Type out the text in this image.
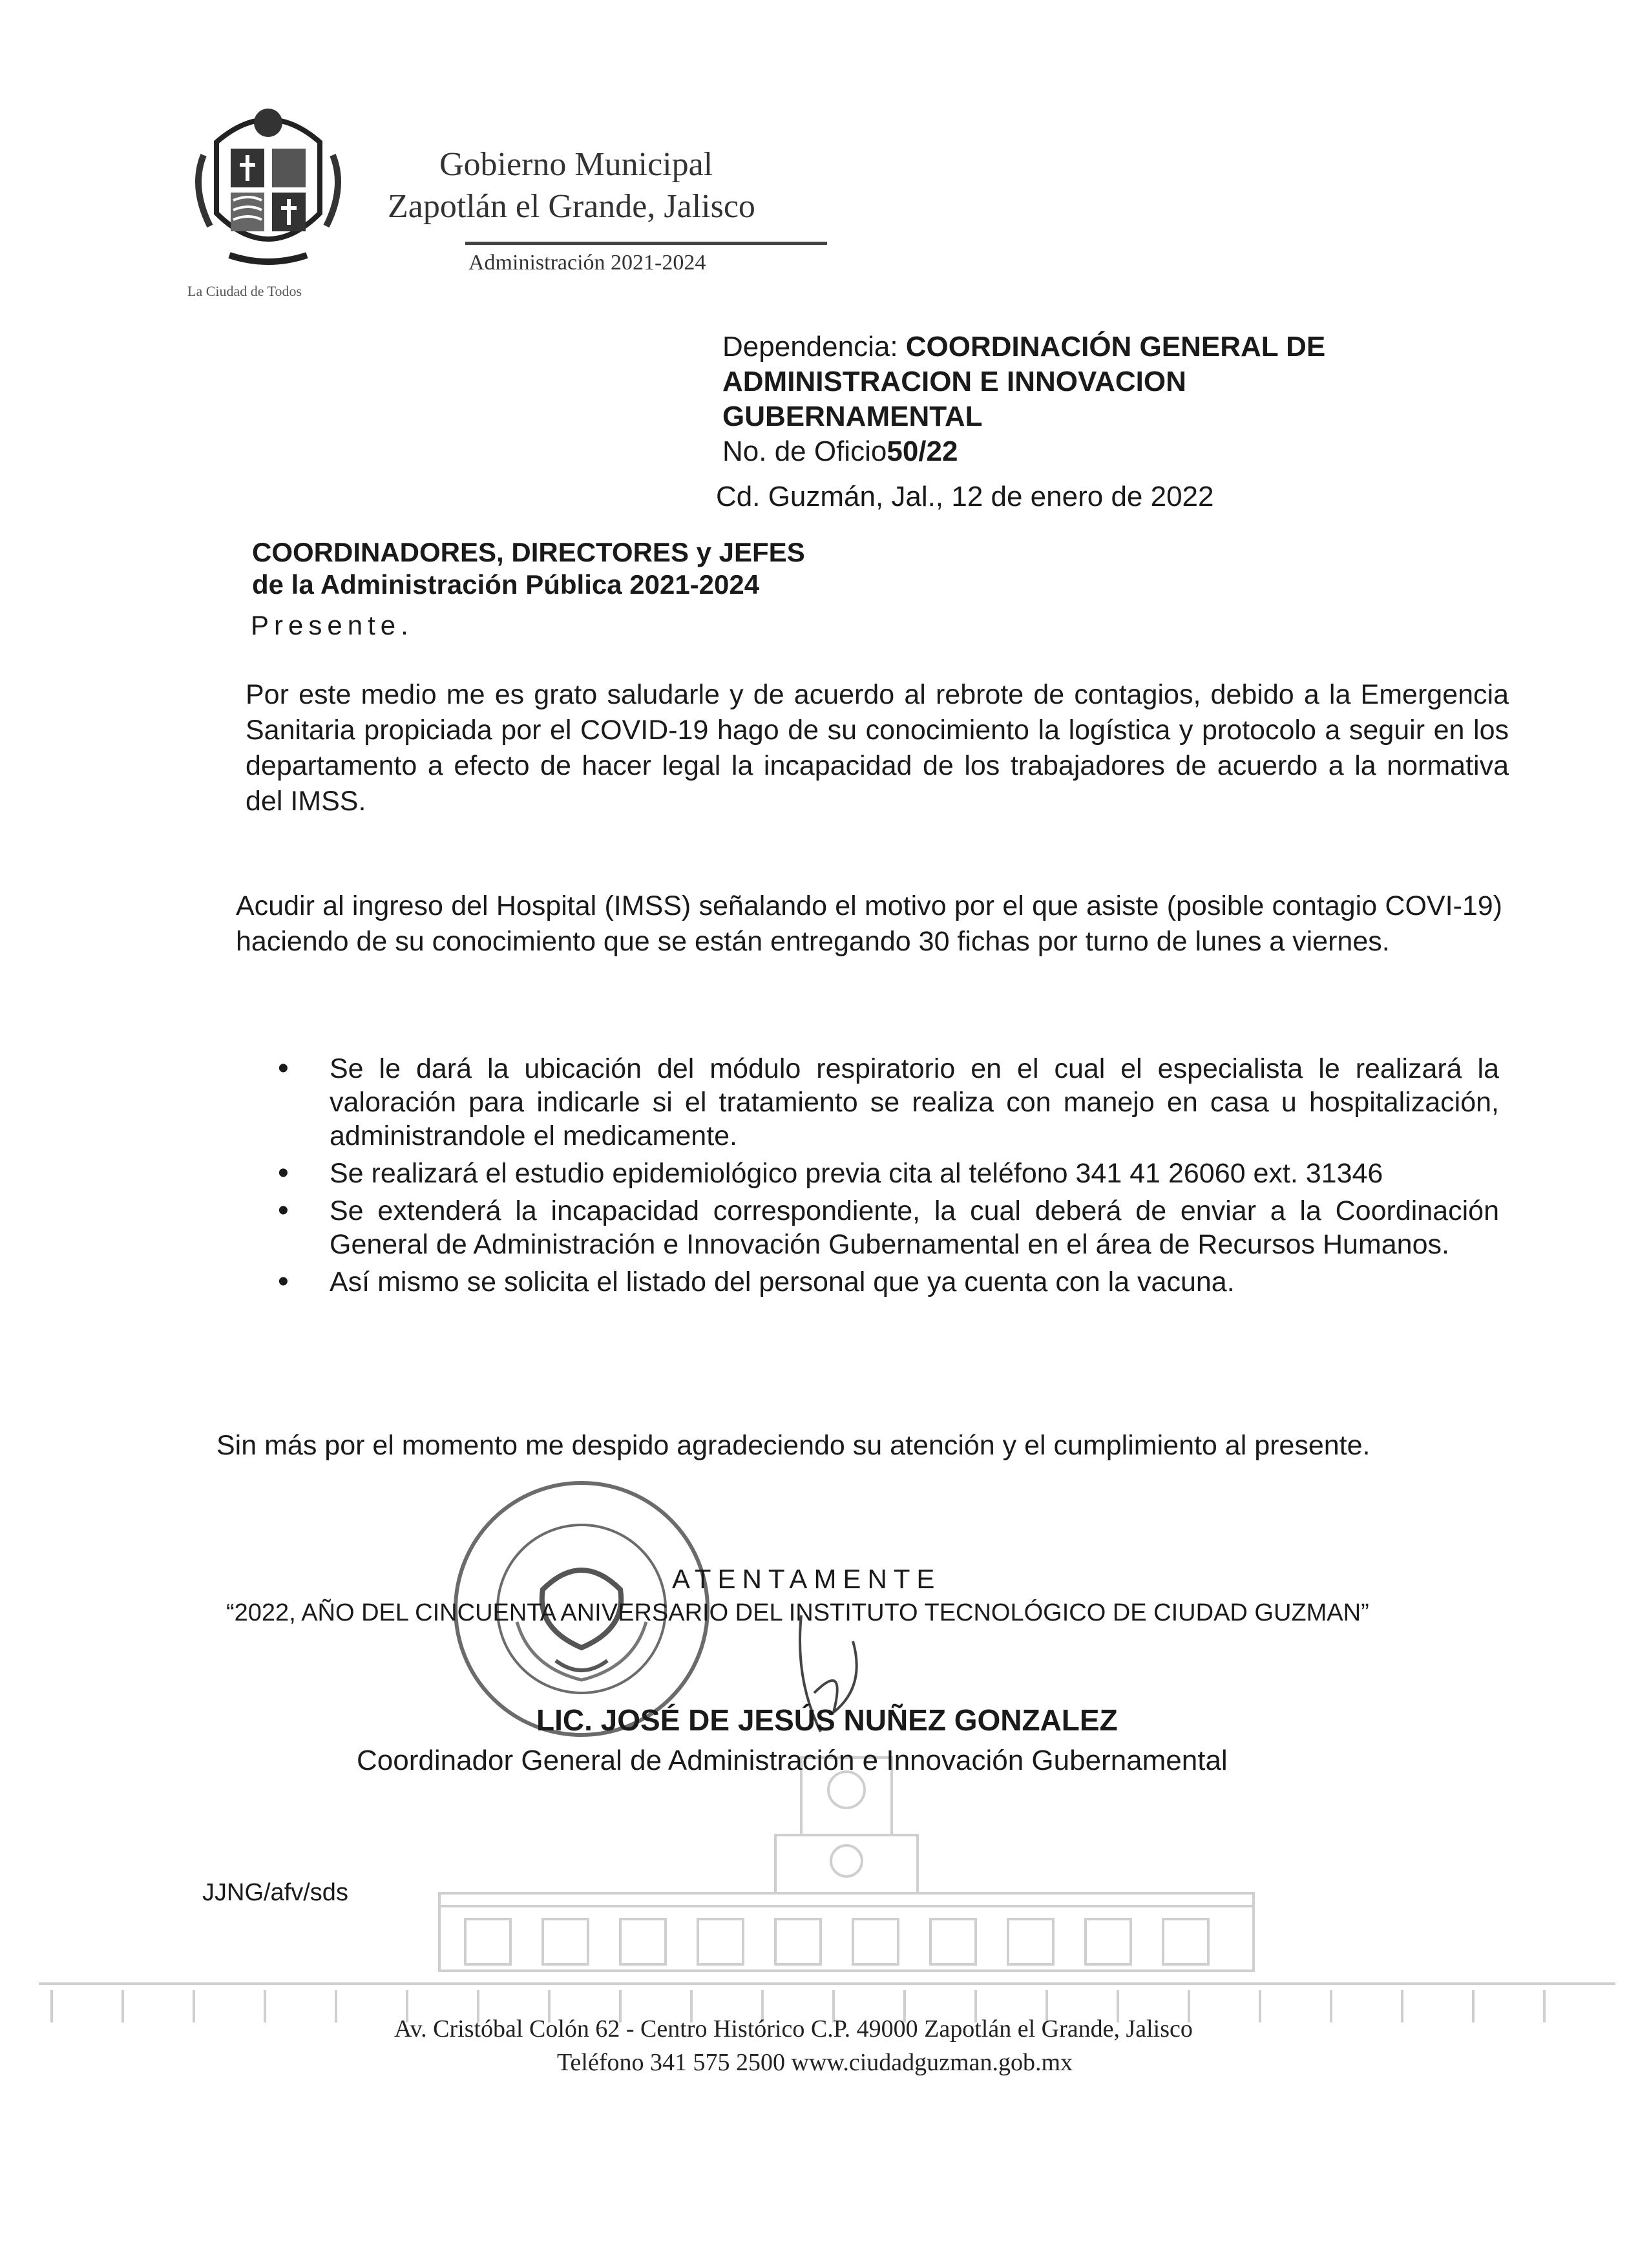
La Ciudad de Todos
Gobierno Municipal
Zapotlán el Grande, Jalisco
Administración 2021-2024
Dependencia: COORDINACIÓN GENERAL DE ADMINISTRACION E INNOVACION GUBERNAMENTAL
No. de Oficio50/22
Cd. Guzmán, Jal., 12 de enero de 2022
COORDINADORES, DIRECTORES y JEFES
de la Administración Pública 2021-2024
Presente.
Por este medio me es grato saludarle y de acuerdo al rebrote de contagios, debido a la Emergencia Sanitaria propiciada por el COVID-19 hago de su conocimiento la logística y protocolo a seguir en los departamento a efecto de hacer legal la incapacidad de los trabajadores de acuerdo a la normativa del IMSS.
Acudir al ingreso del Hospital (IMSS) señalando el motivo por el que asiste (posible contagio COVI-19) haciendo de su conocimiento que se están entregando 30 fichas por turno de lunes a viernes.
• Se le dará la ubicación del módulo respiratorio en el cual el especialista le realizará la valoración para indicarle si el tratamiento se realiza con manejo en casa u hospitalización, administrandole el medicamente.
• Se realizará el estudio epidemiológico previa cita al teléfono 341 41 26060 ext. 31346
• Se extenderá la incapacidad correspondiente, la cual deberá de enviar a la Coordinación General de Administración e Innovación Gubernamental en el área de Recursos Humanos.
• Así mismo se solicita el listado del personal que ya cuenta con la vacuna.
Sin más por el momento me despido agradeciendo su atención y el cumplimiento al presente.
ATENTAMENTE
“2022, AÑO DEL CINCUENTA ANIVERSARIO DEL INSTITUTO TECNOLÓGICO DE CIUDAD GUZMAN”
LIC. JOSÉ DE JESÚS NUÑEZ GONZALEZ
Coordinador General de Administración e Innovación Gubernamental
JJNG/afv/sds
Av. Cristóbal Colón 62 - Centro Histórico C.P. 49000 Zapotlán el Grande, Jalisco
Teléfono 341 575 2500 www.ciudadguzman.gob.mx
